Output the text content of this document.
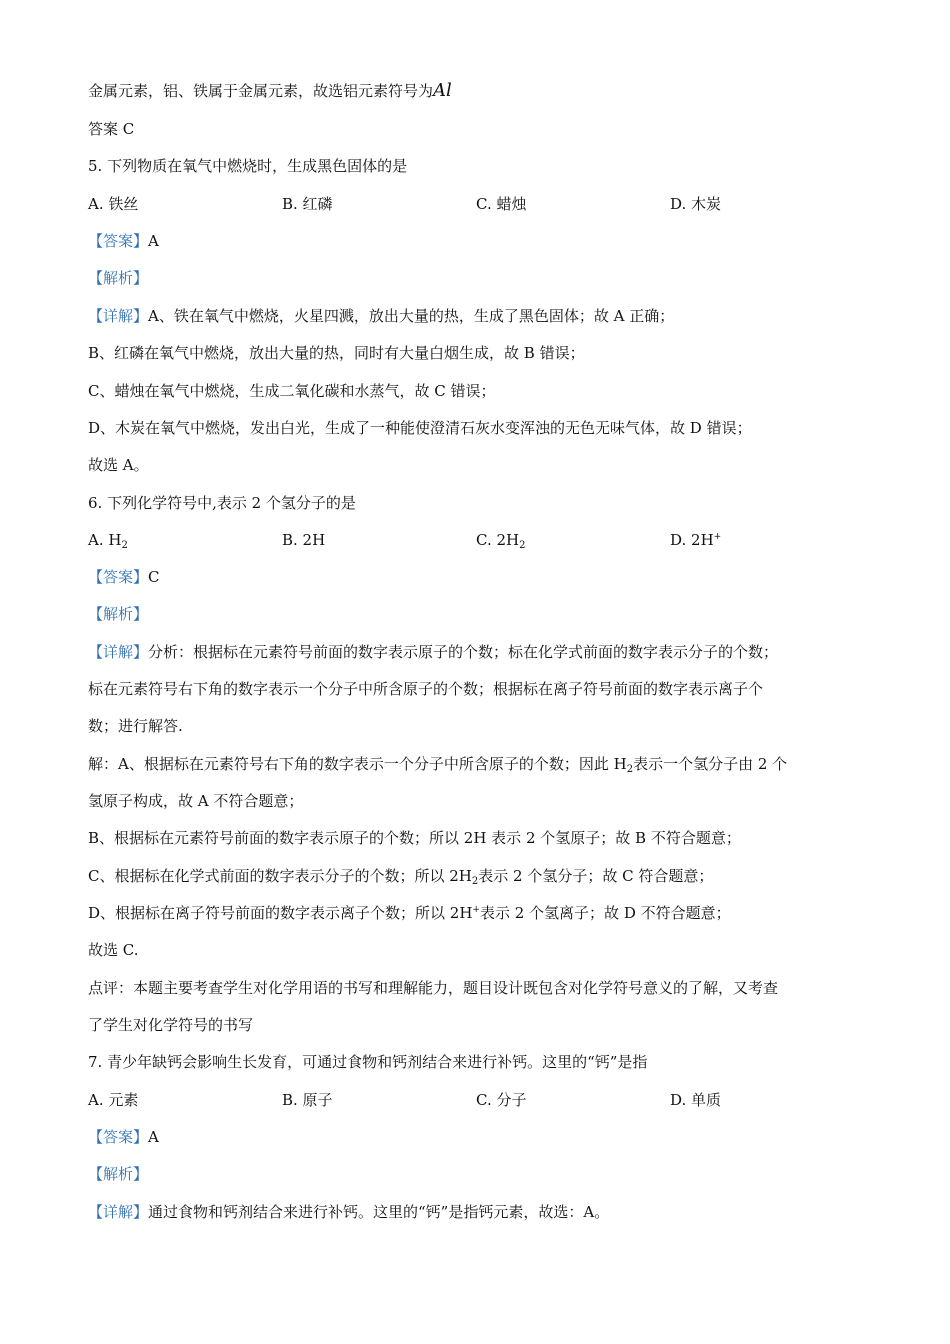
金属元素，铝、铁属于金属元素，故选铝元素符号为Al
答案 C
5. 下列物质在氧气中燃烧时，生成黑色固体的是
A. 铁丝	B. 红磷	C. 蜡烛	D. 木炭
【答案】A
【解析】
【详解】A、铁在氧气中燃烧，火星四溅，放出大量的热，生成了黑色固体；故 A 正确；
B、红磷在氧气中燃烧，放出大量的热，同时有大量白烟生成，故 B 错误；
C、蜡烛在氧气中燃烧，生成二氧化碳和水蒸气，故 C 错误；
D、木炭在氧气中燃烧，发出白光，生成了一种能使澄清石灰水变浑浊的无色无味气体，故 D 错误；
故选 A。
6. 下列化学符号中,表示 2 个氢分子的是
A. $H_2$	B. 2H	C. $2H_2$	D. 2H+
【答案】C
【解析】
【详解】分析：根据标在元素符号前面的数字表示原子的个数；标在化学式前面的数字表示分子的个数；
标在元素符号右下角的数字表示一个分子中所含原子的个数；根据标在离子符号前面的数字表示离子个
数；进行解答.
解：A、根据标在元素符号右下角的数字表示一个分子中所含原子的个数；因此 $H_2$表示一个氢分子由 2 个
氢原子构成，故 A 不符合题意；
B、根据标在元素符号前面的数字表示原子的个数；所以 2H 表示 2 个氢原子；故 B 不符合题意；
C、根据标在化学式前面的数字表示分子的个数；所以 $2H_2$表示 2 个氢分子；故 C 符合题意；
D、根据标在离子符号前面的数字表示离子个数；所以 2H+表示 2 个氢离子；故 D 不符合题意；
故选 C.
点评：本题主要考查学生对化学用语的书写和理解能力，题目设计既包含对化学符号意义的了解，又考查
了学生对化学符号的书写
7. 青少年缺钙会影响生长发育，可通过食物和钙剂结合来进行补钙。这里的“钙”是指
A. 元素	B. 原子	C. 分子	D. 单质
【答案】A
【解析】
【详解】通过食物和钙剂结合来进行补钙。这里的“钙”是指钙元素，故选：A。
